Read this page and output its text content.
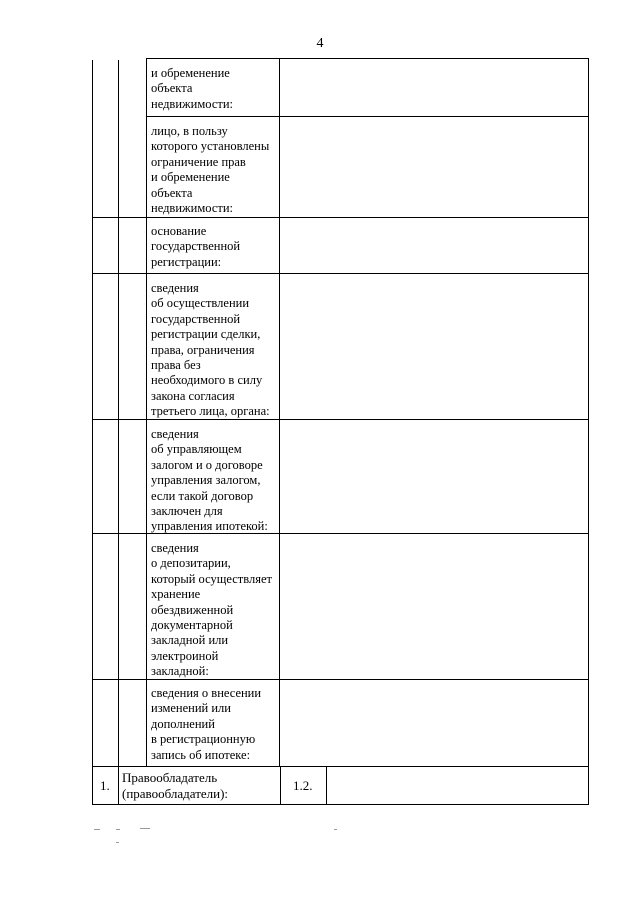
4
и обременение
объекта
недвижимости:
лицо, в пользу
которого установлены
ограничение прав
и обременение
объекта
недвижимости:
основание
государственной
регистрации:
сведения
об осуществлении
государственной
регистрации сделки,
права, ограничения
права без
необходимого в силу
закона согласия
третьего лица, органа:
сведения
об управляющем
залогом и о договоре
управления залогом,
если такой договор
заключен для
управления ипотекой:
сведения
о депозитарии,
который осуществляет
хранение
обездвиженной
документарной
закладной или
электроиной
закладной:
сведения о внесении
изменений или
дополнений
в регистрационную
запись об ипотеке:
1.
Правообладатель
(правообладатели):
1.2.
